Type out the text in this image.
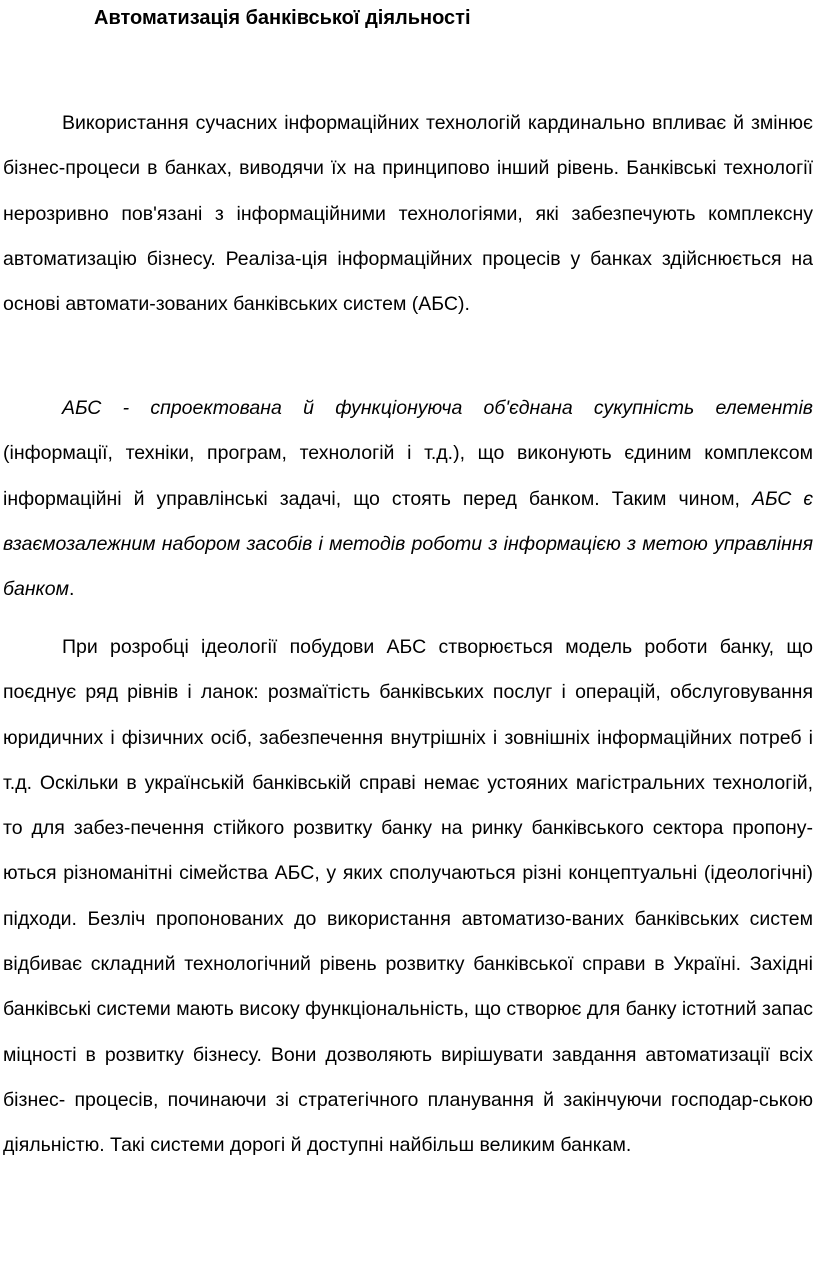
Автоматизація банківської діяльності

Використання сучасних інформаційних технологій кардинально впливає й змінює бізнес-процеси в банках, виводячи їх на принципово інший рівень. Банківські технології нерозривно пов'язані з інформаційними технологіями, які забезпечують комплексну автоматизацію бізнесу. Реаліза-ція інформаційних процесів у банках здійснюється на основі автомати-зованих банківських систем (АБС).

АБС - спроектована й функціонуюча об'єднана сукупність елементів (інформації, техніки, програм, технологій і т.д.), що виконують єдиним комплексом інформаційні й управлінські задачі, що стоять перед банком. Таким чином, АБС є взаємозалежним набором засобів і методів роботи з інформацією з метою управління банком.

При розробці ідеології побудови АБС створюється модель роботи банку, що поєднує ряд рівнів і ланок: розмаїтість банківських послуг і операцій, обслуговування юридичних і фізичних осіб, забезпечення внутрішніх і зовнішніх інформаційних потреб і т.д. Оскільки в українській банківській справі немає устояних магістральних технологій, то для забез-печення стійкого розвитку банку на ринку банківського сектора пропону-ються різноманітні сімейства АБС, у яких сполучаються різні концептуальні (ідеологічні) підходи. Безліч пропонованих до використання автоматизо-ваних банківських систем відбиває складний технологічний рівень розвитку банківської справи в Україні. Західні банківські системи мають високу функціональність, що створює для банку істотний запас міцності в розвитку бізнесу. Вони дозволяють вирішувати завдання автоматизації всіх бізнес- процесів, починаючи зі стратегічного планування й закінчуючи господар-ською діяльністю. Такі системи дорогі й доступні найбільш великим банкам.
